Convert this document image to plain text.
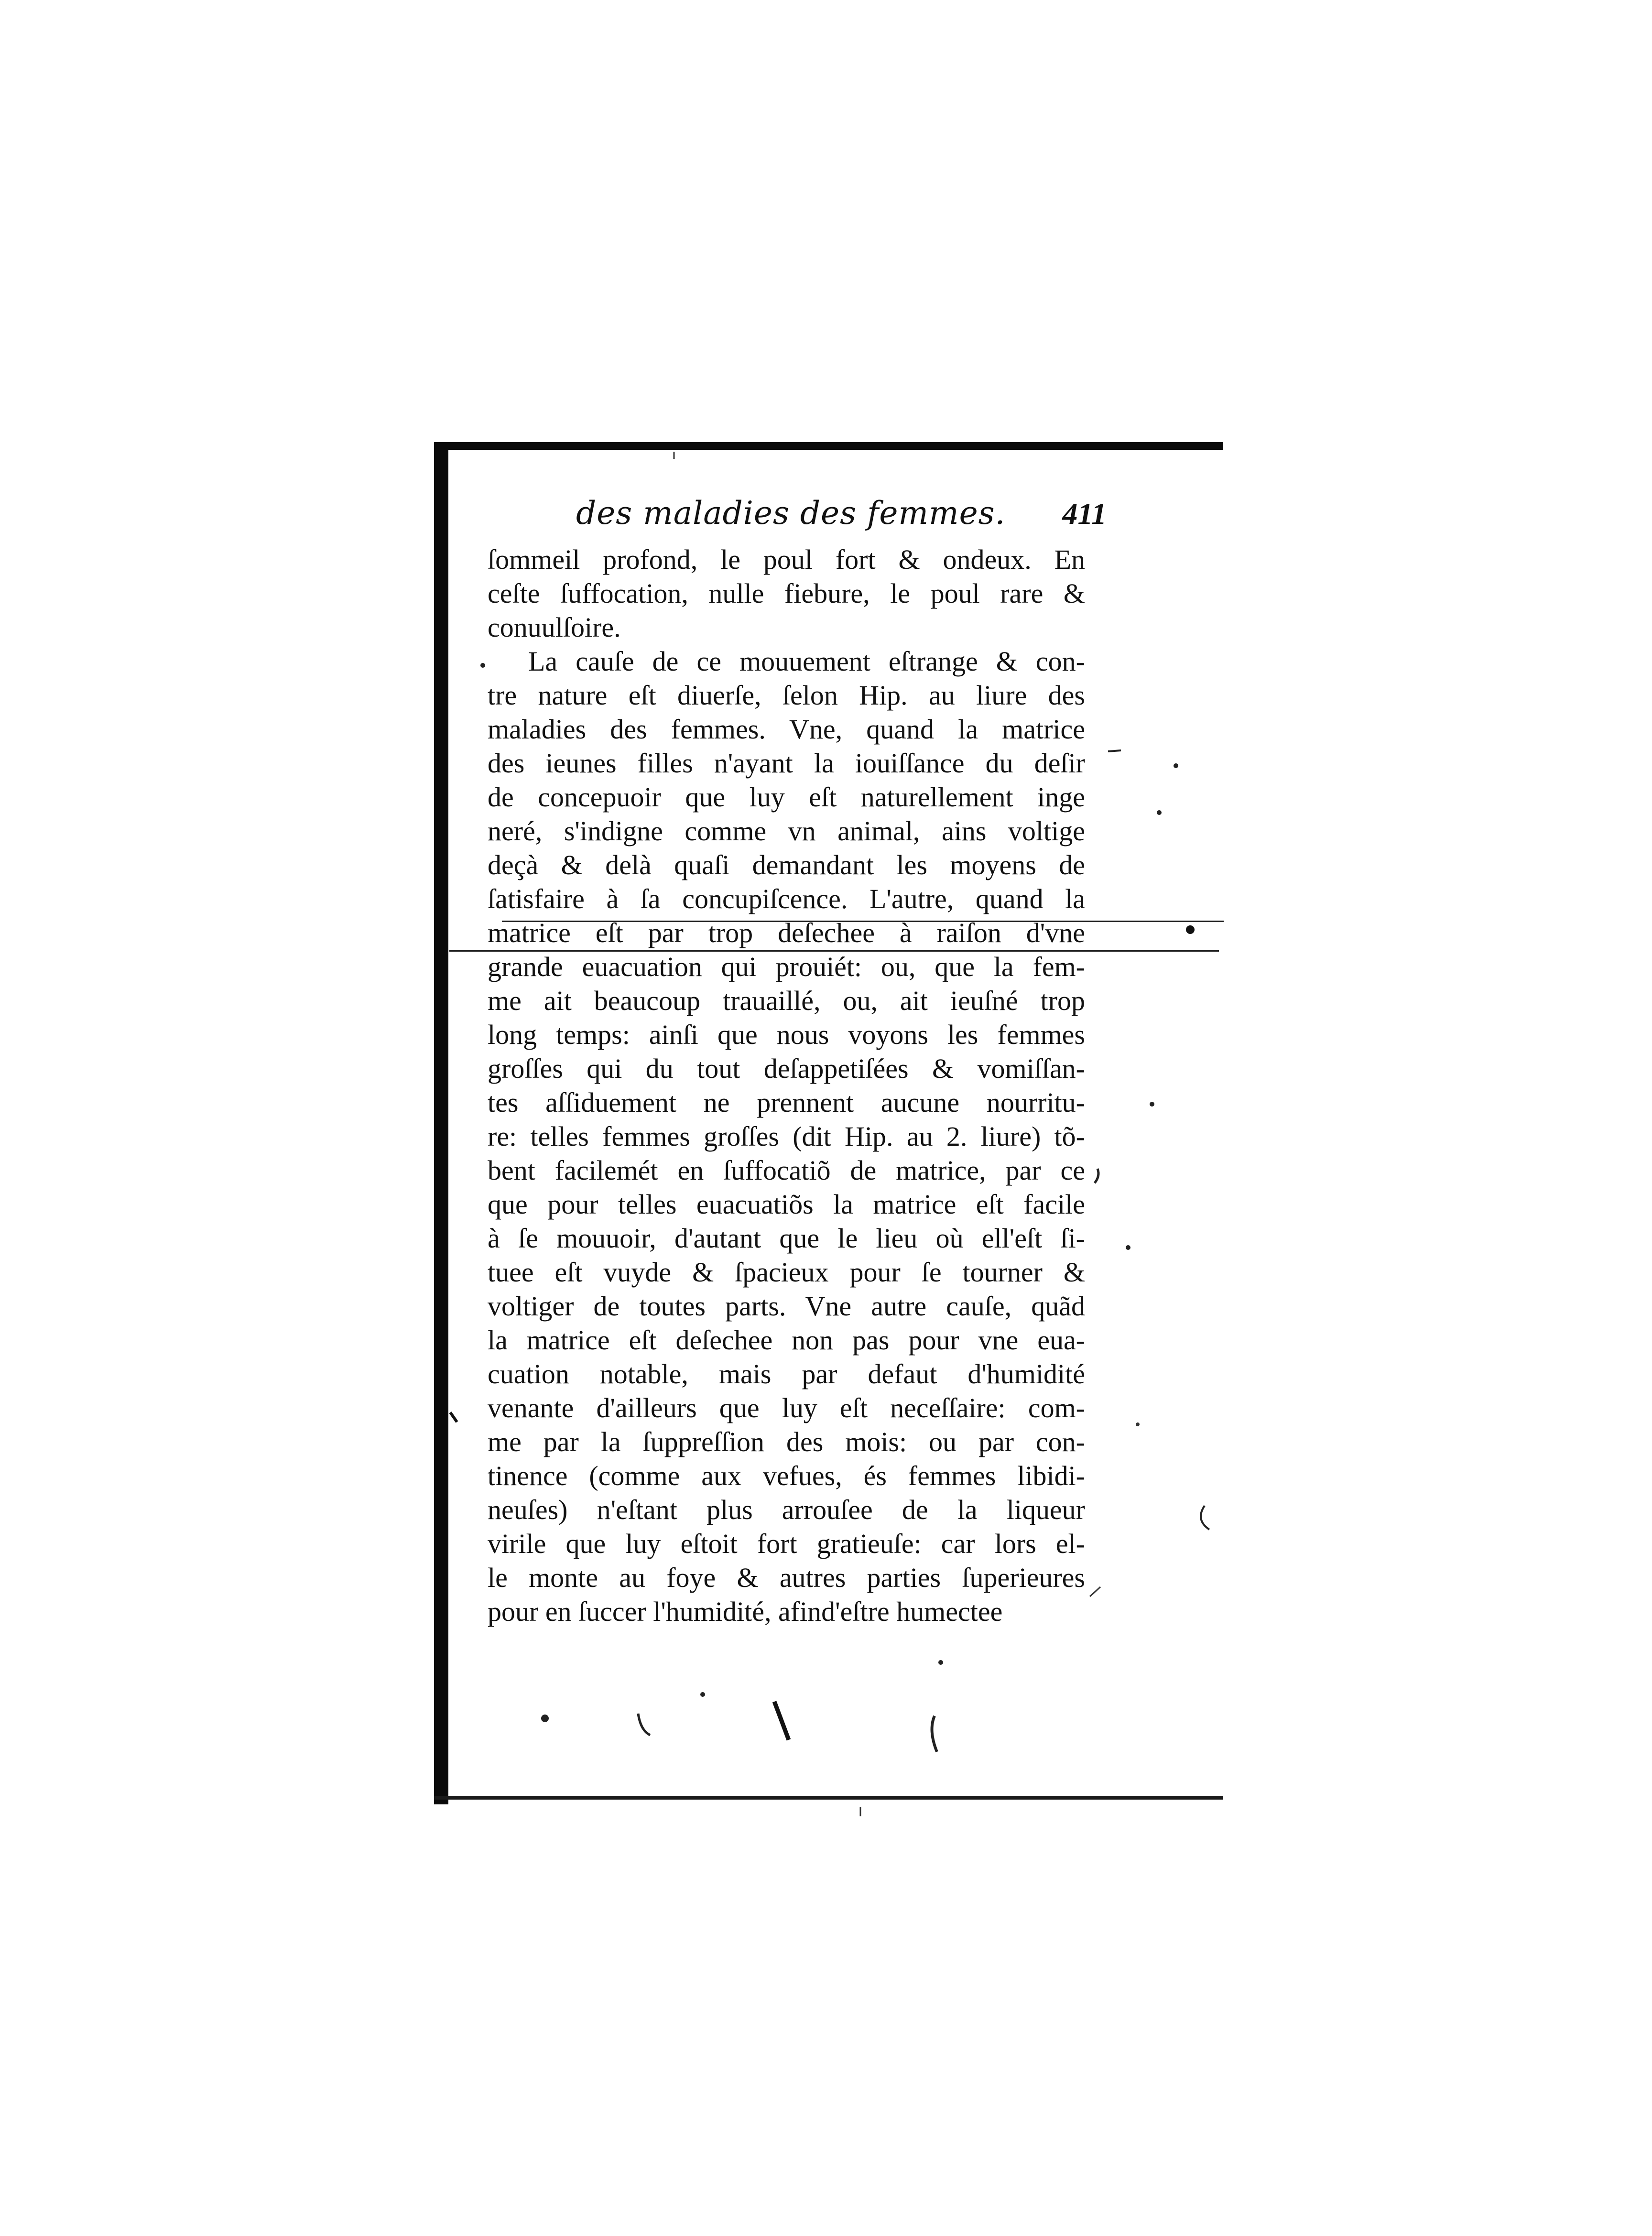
des maladies des femmes. 411
ſommeil profond, le poul fort & ondeux. En
ceſte ſuffocation, nulle fiebure, le poul rare &
conuulſoire.
La cauſe de ce mouuement eſtrange & con-
tre nature eſt diuerſe, ſelon Hip. au liure des
maladies des femmes. Vne, quand la matrice
des ieunes filles n'ayant la iouiſſance du deſir
de concepuoir que luy eſt naturellement inge
neré, s'indigne comme vn animal, ains voltige
deçà & delà quaſi demandant les moyens de
ſatisfaire à ſa concupiſcence. L'autre, quand la
matrice eſt par trop deſechee à raiſon d'vne
grande euacuation qui prouiét: ou, que la fem-
me ait beaucoup trauaillé, ou, ait ieuſné trop
long temps: ainſi que nous voyons les femmes
groſſes qui du tout deſappetiſées & vomiſſan-
tes aſſiduement ne prennent aucune nourritu-
re: telles femmes groſſes (dit Hip. au 2. liure) tõ-
bent facilemét en ſuffocatiõ de matrice, par ce
que pour telles euacuatiõs la matrice eſt facile
à ſe mouuoir, d'autant que le lieu où ell'eſt ſi-
tuee eſt vuyde & ſpacieux pour ſe tourner &
voltiger de toutes parts. Vne autre cauſe, quãd
la matrice eſt deſechee non pas pour vne eua-
cuation notable, mais par defaut d'humidité
venante d'ailleurs que luy eſt neceſſaire: com-
me par la ſuppreſſion des mois: ou par con-
tinence (comme aux vefues, és femmes libidi-
neuſes) n'eſtant plus arrouſee de la liqueur
virile que luy eſtoit fort gratieuſe: car lors el-
le monte au foye & autres parties ſuperieures
pour en ſuccer l'humidité, afind'eſtre humectee
